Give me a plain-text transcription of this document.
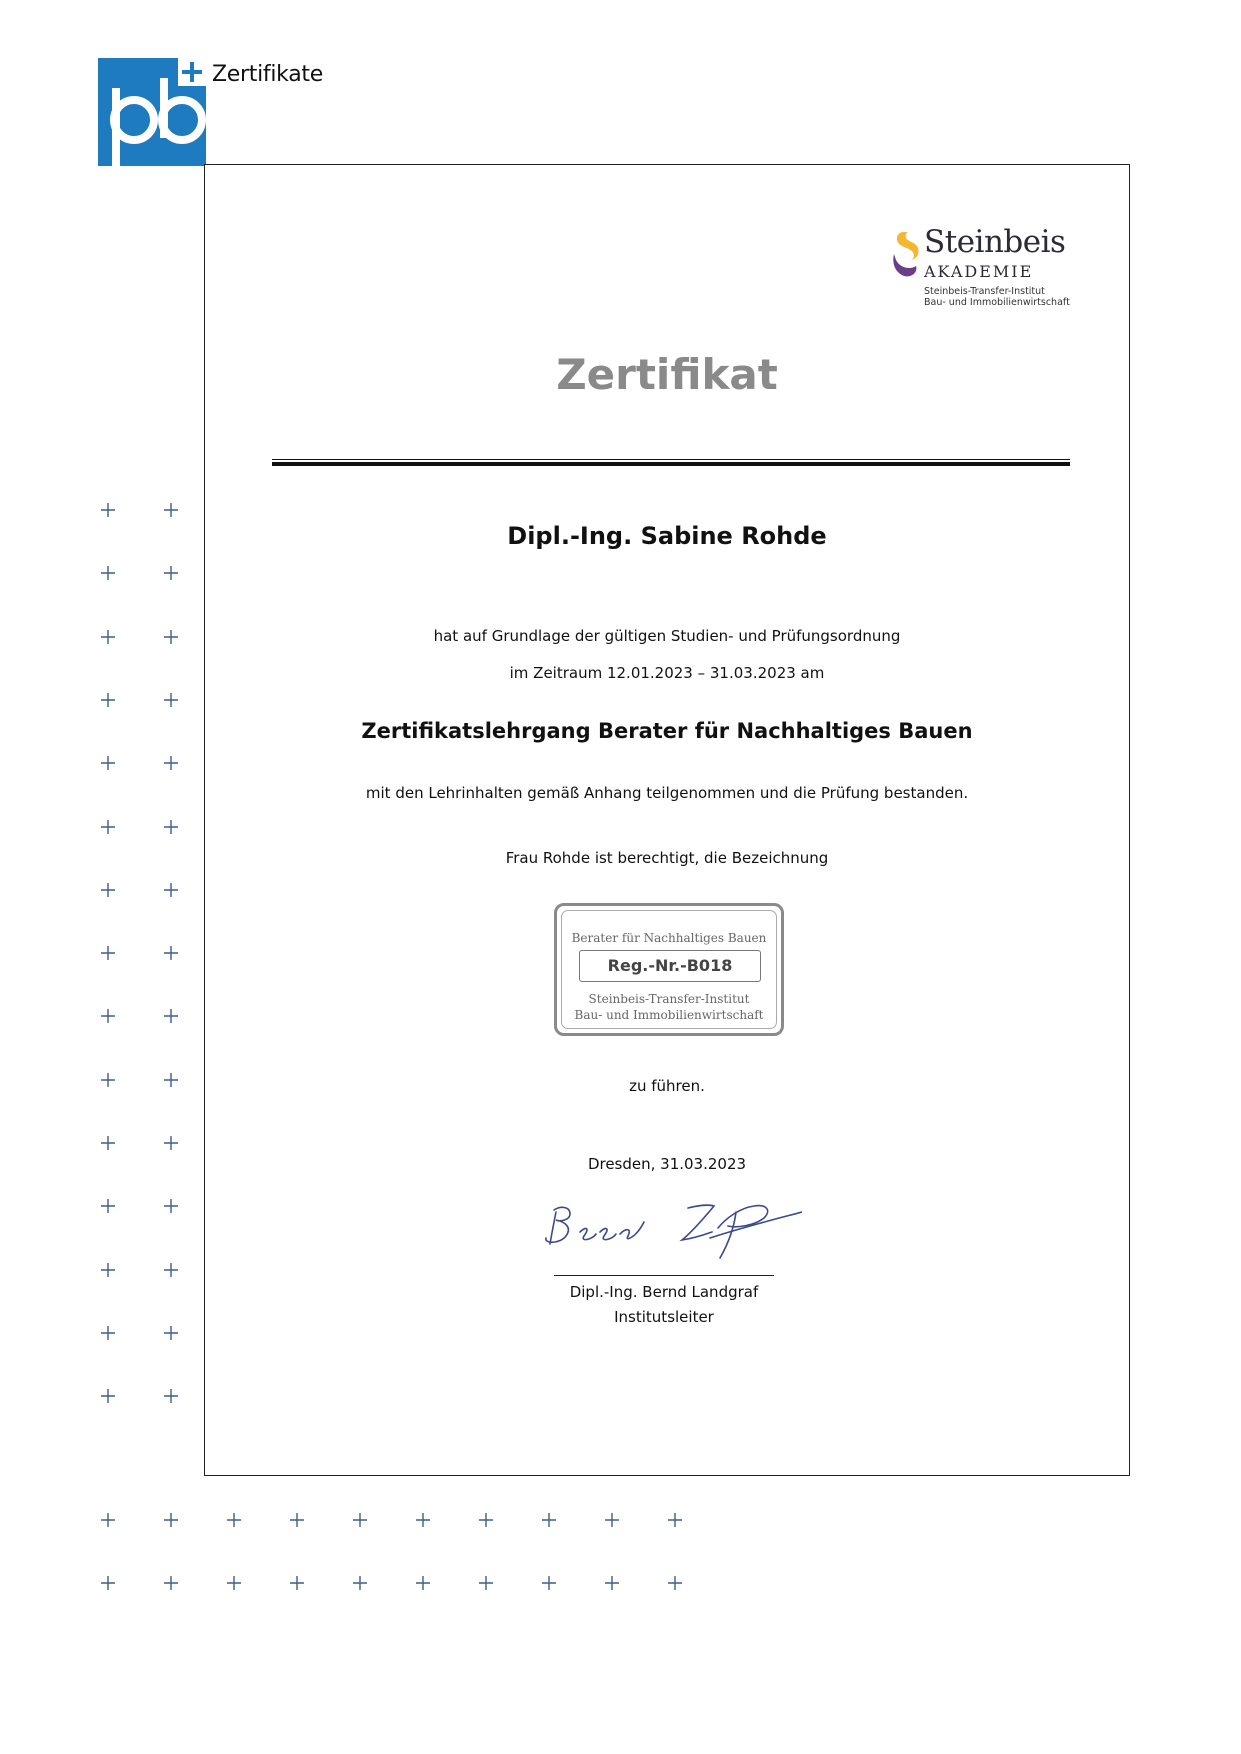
Zertifikate
Steinbeis
AKADEMIE
Steinbeis-Transfer-Institut
Bau- und Immobilienwirtschaft
Zertifikat
Dipl.-Ing. Sabine Rohde
hat auf Grundlage der gültigen Studien- und Prüfungsordnung
im Zeitraum 12.01.2023 – 31.03.2023 am
Zertifikatslehrgang Berater für Nachhaltiges Bauen
mit den Lehrinhalten gemäß Anhang teilgenommen und die Prüfung bestanden.
Frau Rohde ist berechtigt, die Bezeichnung
Berater für Nachhaltiges Bauen
Reg.-Nr.-B018
Steinbeis-Transfer-Institut
Bau- und Immobilienwirtschaft
zu führen.
Dresden, 31.03.2023
Dipl.-Ing. Bernd Landgraf
Institutsleiter
